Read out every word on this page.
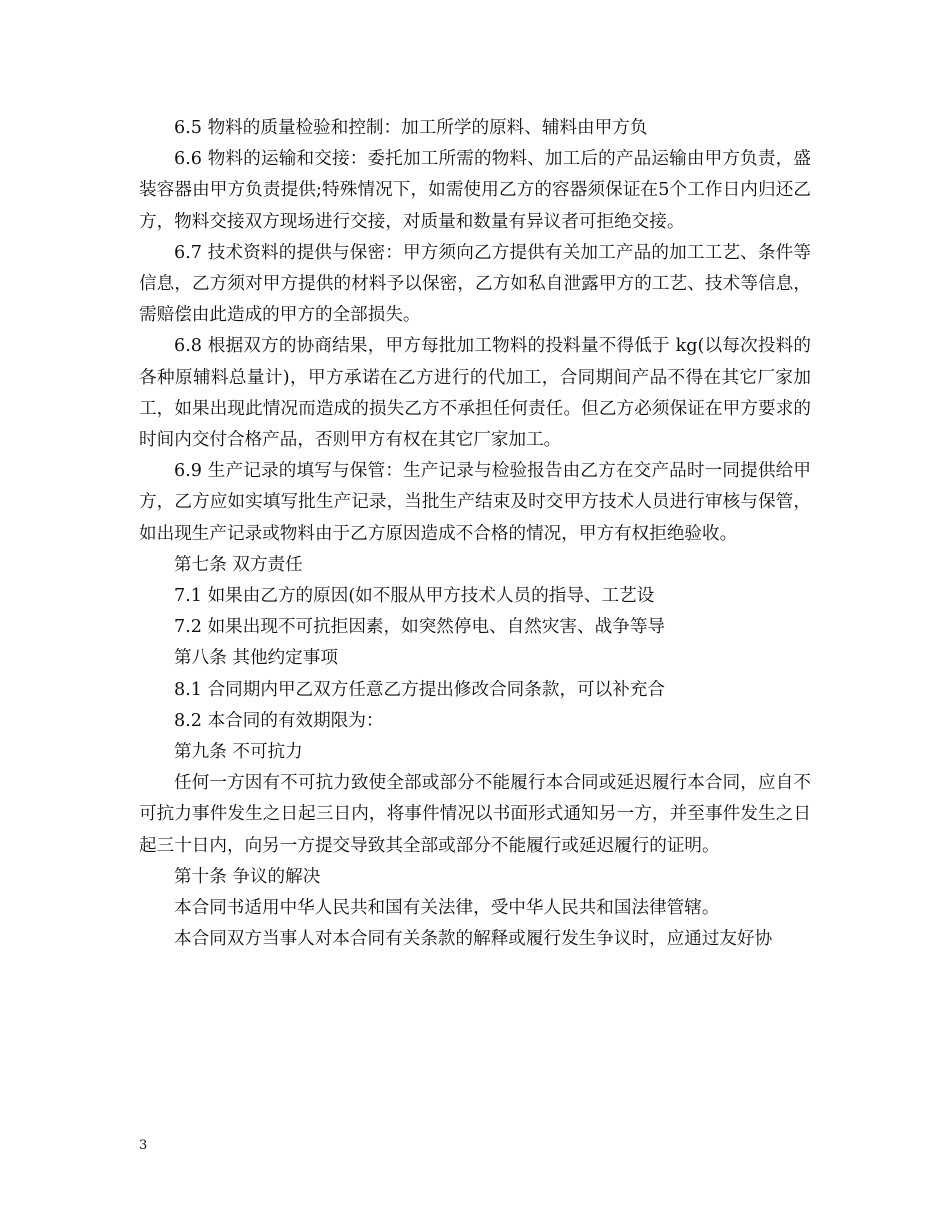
6.5 物料的质量检验和控制：加工所学的原料、辅料由甲方负

6.6 物料的运输和交接：委托加工所需的物料、加工后的产品运输由甲方负责，盛装容器由甲方负责提供;特殊情况下，如需使用乙方的容器须保证在5个工作日内归还乙方，物料交接双方现场进行交接，对质量和数量有异议者可拒绝交接。

6.7 技术资料的提供与保密：甲方须向乙方提供有关加工产品的加工工艺、条件等信息，乙方须对甲方提供的材料予以保密，乙方如私自泄露甲方的工艺、技术等信息，需赔偿由此造成的甲方的全部损失。

6.8 根据双方的协商结果，甲方每批加工物料的投料量不得低于 kg(以每次投料的各种原辅料总量计)，甲方承诺在乙方进行的代加工，合同期间产品不得在其它厂家加工，如果出现此情况而造成的损失乙方不承担任何责任。但乙方必须保证在甲方要求的时间内交付合格产品，否则甲方有权在其它厂家加工。

6.9 生产记录的填写与保管：生产记录与检验报告由乙方在交产品时一同提供给甲方，乙方应如实填写批生产记录，当批生产结束及时交甲方技术人员进行审核与保管，如出现生产记录或物料由于乙方原因造成不合格的情况，甲方有权拒绝验收。

第七条 双方责任

7.1 如果由乙方的原因(如不服从甲方技术人员的指导、工艺设

7.2 如果出现不可抗拒因素，如突然停电、自然灾害、战争等导

第八条 其他约定事项

8.1 合同期内甲乙双方任意乙方提出修改合同条款，可以补充合

8.2 本合同的有效期限为：

第九条 不可抗力

任何一方因有不可抗力致使全部或部分不能履行本合同或延迟履行本合同，应自不可抗力事件发生之日起三日内，将事件情况以书面形式通知另一方，并至事件发生之日起三十日内，向另一方提交导致其全部或部分不能履行或延迟履行的证明。

第十条 争议的解决

本合同书适用中华人民共和国有关法律，受中华人民共和国法律管辖。

本合同双方当事人对本合同有关条款的解释或履行发生争议时，应通过友好协

3
